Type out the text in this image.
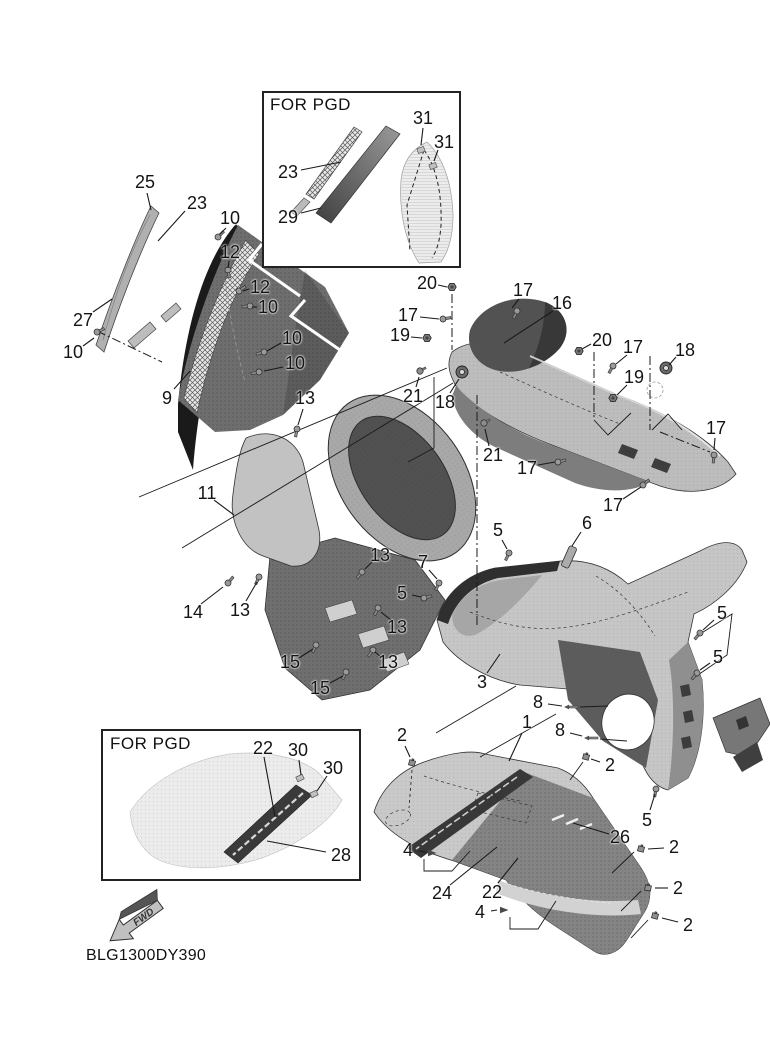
FWD
25
23
10
12
12
10
27
10
10
10
9
23
29
31
31
20	17
16
17
19	20 17 18
19
21 18
21
17
17
17
13
11
14 13
13
13
15	13
15
5	6
7
5
3
5
5
8
8
1
2
2
4
24 22
4
26
5
2
2
2
22 30
30
28
FOR PGD
FOR PGD
BLG1300DY390
